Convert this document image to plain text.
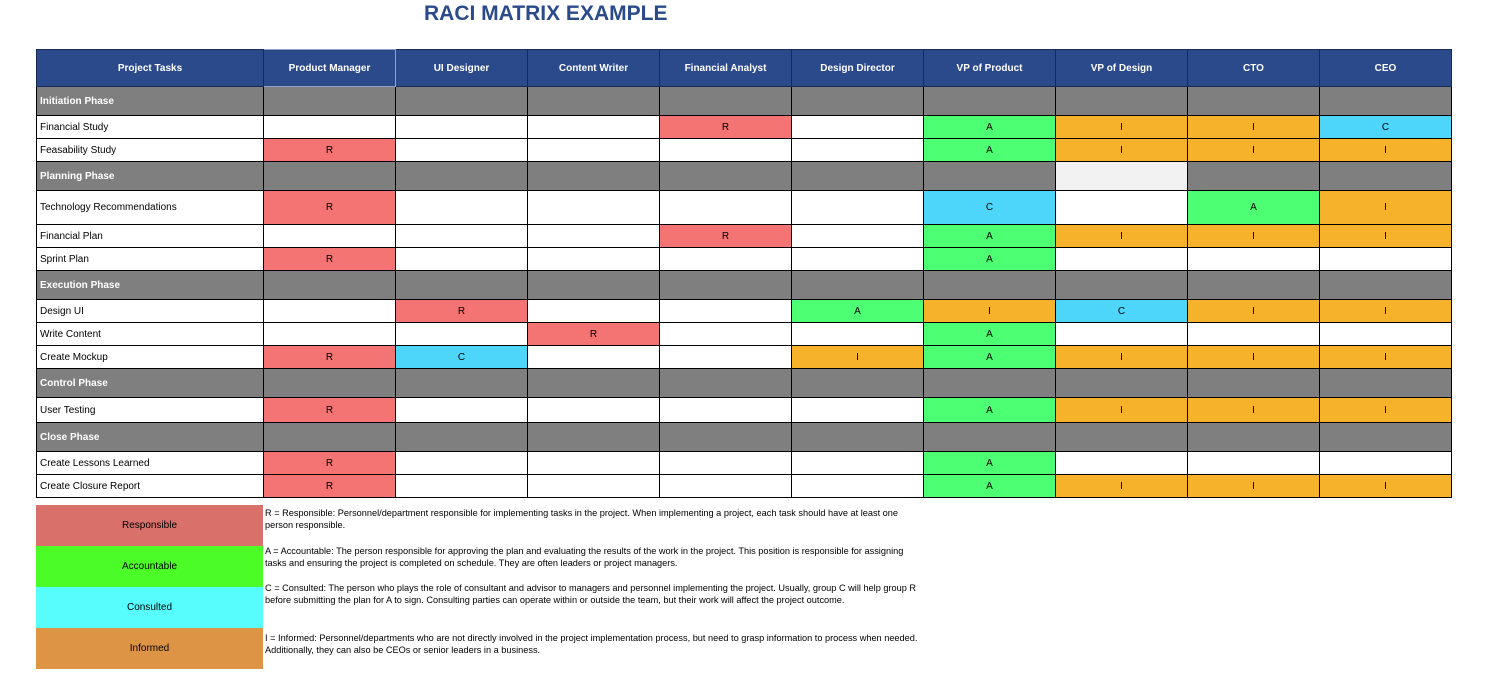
RACI MATRIX EXAMPLE
Project Tasks	Product Manager	UI Designer	Content Writer	Financial Analyst	Design Director	VP of Product	VP of Design	CTO	CEO
Initiation Phase									
Financial Study				R		A	I	I	C
Feasability Study	R					A	I	I	I
Planning Phase									
Technology Recommendations	R					C		A	I
Financial Plan				R		A	I	I	I
Sprint Plan	R					A			
Execution Phase									
Design UI		R			A	I	C	I	I
Write Content			R			A			
Create Mockup	R	C			I	A	I	I	I
Control Phase									
User Testing	R					A	I	I	I
Close Phase									
Create Lessons Learned	R					A			
Create Closure Report	R					A	I	I	I
Responsible
Accountable
Consulted
Informed
R = Responsible: Personnel/department responsible for implementing tasks in the project. When implementing a project, each task should have at least one person responsible.
A = Accountable: The person responsible for approving the plan and evaluating the results of the work in the project. This position is responsible for assigning tasks and ensuring the project is completed on schedule. They are often leaders or project managers.
C = Consulted: The person who plays the role of consultant and advisor to managers and personnel implementing the project. Usually, group C will help group R before submitting the plan for A to sign. Consulting parties can operate within or outside the team, but their work will affect the project outcome.
I = Informed: Personnel/departments who are not directly involved in the project implementation process, but need to grasp information to process when needed. Additionally, they can also be CEOs or senior leaders in a business.
